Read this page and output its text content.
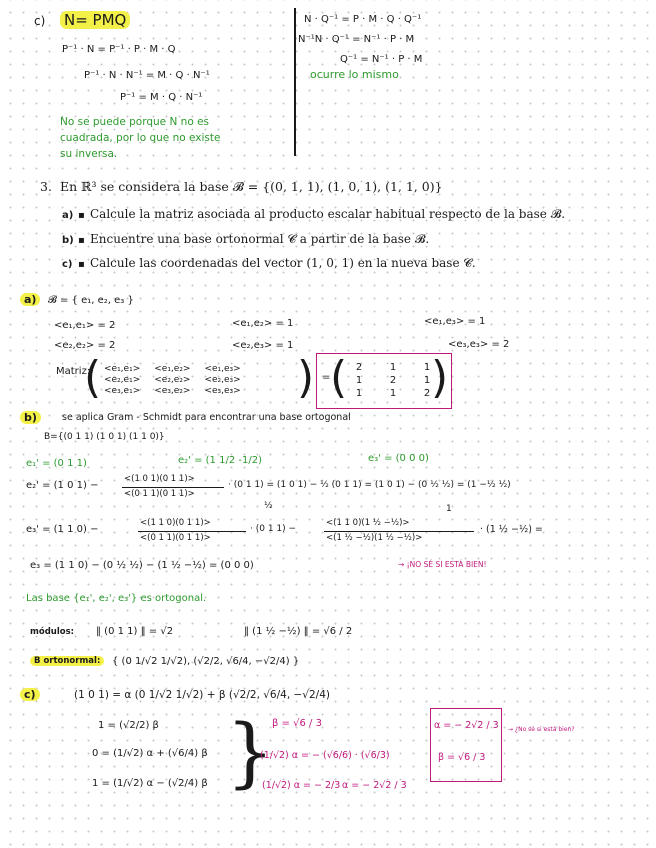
c) N= PMQ
P⁻¹ · N = P⁻¹ · P · M · Q
P⁻¹ · N · N⁻¹ = M · Q · N⁻¹
P⁻¹ = M · Q · N⁻¹
No se puede porque N no es
cuadrada, por lo que no existe
su inversa.
N · Q⁻¹ = P · M · Q · Q⁻¹
N⁻¹N · Q⁻¹ = N⁻¹ · P · M
Q⁻¹ = N⁻¹ · P · M
ocurre lo mismo
3. En ℝ³ se considera la base 𝓑 = {(0, 1, 1), (1, 0, 1), (1, 1, 0)}
a) ▪ Calcule la matriz asociada al producto escalar habitual respecto de la base 𝓑.
b) ▪ Encuentre una base ortonormal 𝓒 a partir de la base 𝓑.
c) ▪ Calcule las coordenadas del vector (1, 0, 1) en la nueva base 𝓒.
a)	𝓑 = { e₁, e₂, e₃ }
<e₁,e₁> = 2	<e₁,e₂> = 1	<e₁,e₃> = 1
<e₂,e₂> = 2	<e₂,e₃> = 1	<e₃,e₃> = 2
Matriz:
( <e₁,e₁> <e₁,e₂> <e₁,e₃>
<e₂,e₁> <e₂,e₂> <e₂,e₃>
<e₃,e₁> <e₃,e₂> <e₃,e₃> ) = ( 2	1	1
1	2	1
1	1	2 )
b)	se aplica Gram - Schmidt para encontrar una base ortogonal
B={(0 1 1) (1 0 1) (1 1 0)}
e₁' = (0 1 1)	e₂' = (1 1/2 -1/2)	e₃' = (0 0 0)
e₂' = (1 0 1) −
<(1 0 1)(0 1 1)>
<(0 1 1)(0 1 1)>
· (0 1 1) = (1 0 1) − ½ (0 1 1) = (1 0 1) − (0 ½ ½) = (1 −½ ½)
1
½
e₃' = (1 1 0) −
<(1 1 0)(0 1 1)>
<(0 1 1)(0 1 1)>
· (0 1 1) −
<(1 1 0)(1 ½ −½)>
<(1 ½ −½)(1 ½ −½)>
· (1 ½ −½) =
e₃ = (1 1 0) − (0 ½ ½) − (1 ½ −½) = (0 0 0)	→ ¡NO SÉ SI ESTÁ BIEN!
Las base {e₁', e₂', e₃'} es ortogonal.
módulos: ‖ (0 1 1) ‖ = √2	‖ (1 ½ −½) ‖ = √6 / 2
B ortonormal:	{ (0 1/√2 1/√2), (√2/2, √6/4, −√2/4) }
c)	(1 0 1) = α (0 1/√2 1/√2) + β (√2/2, √6/4, −√2/4)
1 = (√2/2) β
0 = (1/√2) α + (√6/4) β
1 = (1/√2) α − (√2/4) β }
β = √6 / 3
(1/√2) α = − (√6/6) · (√6/3)
(1/√2) α = − 2/3 α = − 2√2 / 3
α = − 2√2 / 3
β = √6 / 3
→ ¿No sé si está bien?
